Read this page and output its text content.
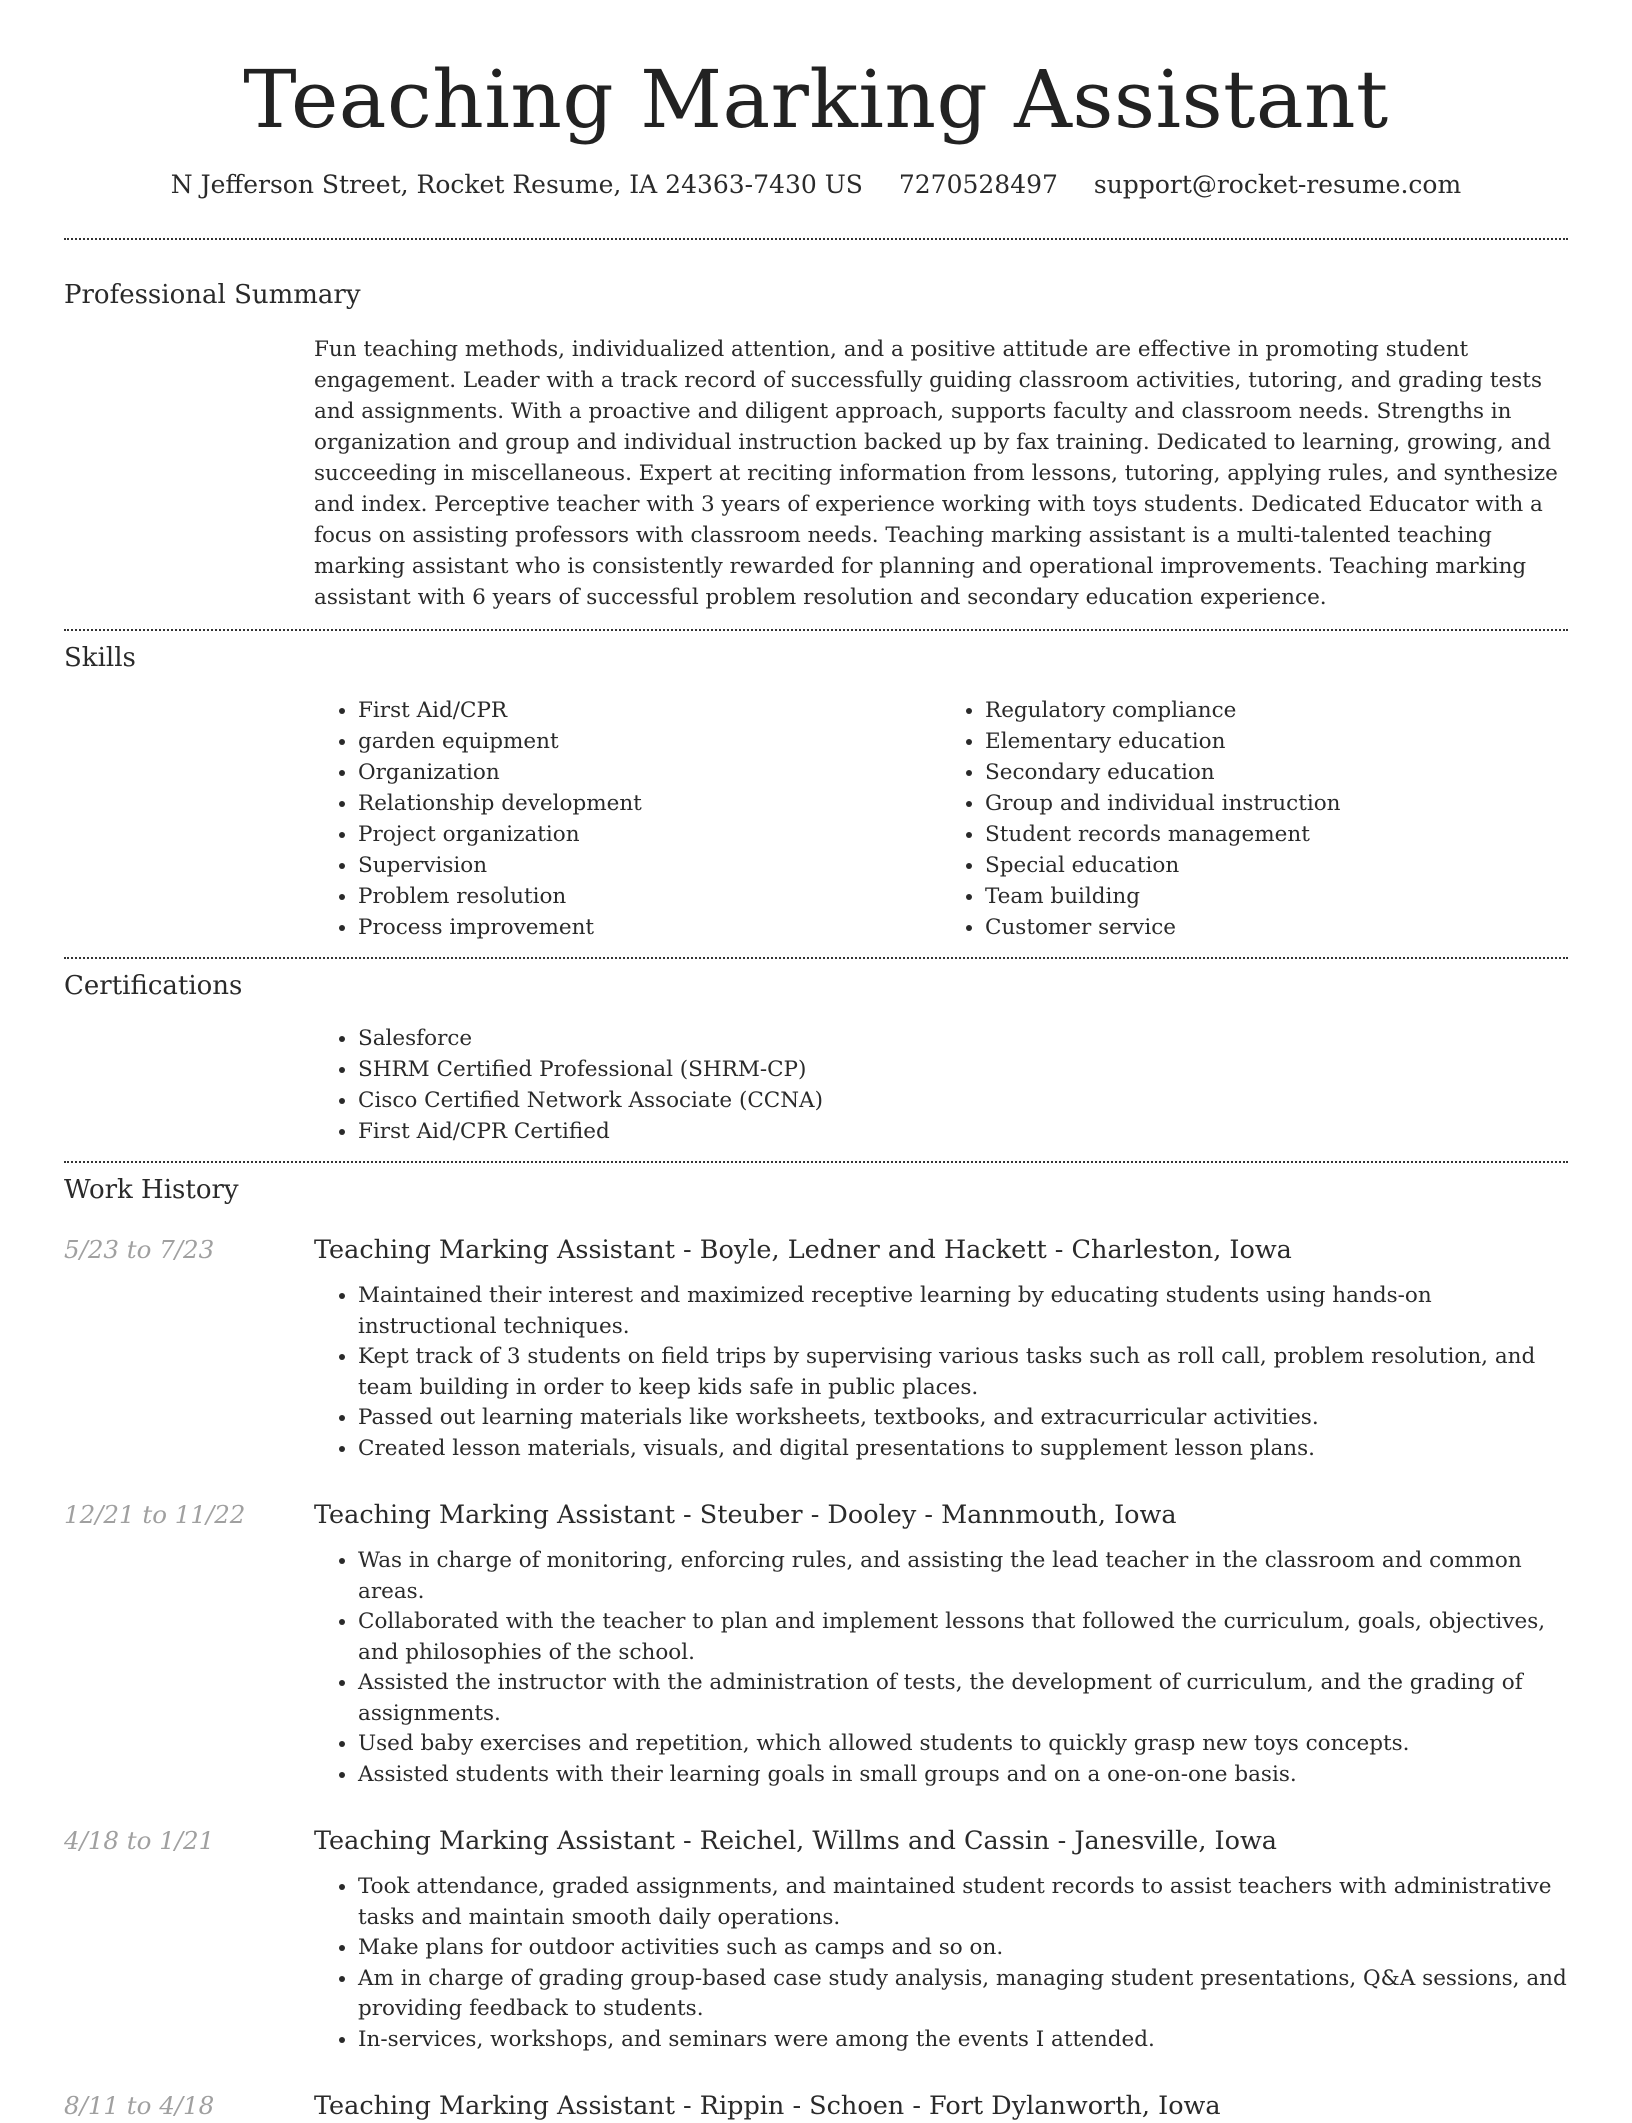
Teaching Marking Assistant
N Jefferson Street, Rocket Resume, IA 24363-7430 US 7270528497 support@rocket-resume.com
Professional Summary
Fun teaching methods, individualized attention, and a positive attitude are effective in promoting student engagement. Leader with a track record of successfully guiding classroom activities, tutoring, and grading tests and assignments. With a proactive and diligent approach, supports faculty and classroom needs. Strengths in organization and group and individual instruction backed up by fax training. Dedicated to learning, growing, and succeeding in miscellaneous. Expert at reciting information from lessons, tutoring, applying rules, and synthesize and index. Perceptive teacher with 3 years of experience working with toys students. Dedicated Educator with a focus on assisting professors with classroom needs. Teaching marking assistant is a multi-talented teaching marking assistant who is consistently rewarded for planning and operational improvements. Teaching marking assistant with 6 years of successful problem resolution and secondary education experience.
Skills
• First Aid/CPR
• garden equipment
• Organization
• Relationship development
• Project organization
• Supervision
• Problem resolution
• Process improvement
• Regulatory compliance
• Elementary education
• Secondary education
• Group and individual instruction
• Student records management
• Special education
• Team building
• Customer service
Certifications
• Salesforce
• SHRM Certified Professional (SHRM-CP)
• Cisco Certified Network Associate (CCNA)
• First Aid/CPR Certified
Work History
5/23 to 7/23	Teaching Marking Assistant - Boyle, Ledner and Hackett - Charleston, Iowa
• Maintained their interest and maximized receptive learning by educating students using hands-on instructional techniques.
• Kept track of 3 students on field trips by supervising various tasks such as roll call, problem resolution, and team building in order to keep kids safe in public places.
• Passed out learning materials like worksheets, textbooks, and extracurricular activities.
• Created lesson materials, visuals, and digital presentations to supplement lesson plans.
12/21 to 11/22	Teaching Marking Assistant - Steuber - Dooley - Mannmouth, Iowa
• Was in charge of monitoring, enforcing rules, and assisting the lead teacher in the classroom and common areas.
• Collaborated with the teacher to plan and implement lessons that followed the curriculum, goals, objectives, and philosophies of the school.
• Assisted the instructor with the administration of tests, the development of curriculum, and the grading of assignments.
• Used baby exercises and repetition, which allowed students to quickly grasp new toys concepts.
• Assisted students with their learning goals in small groups and on a one-on-one basis.
4/18 to 1/21	Teaching Marking Assistant - Reichel, Willms and Cassin - Janesville, Iowa
• Took attendance, graded assignments, and maintained student records to assist teachers with administrative tasks and maintain smooth daily operations.
• Make plans for outdoor activities such as camps and so on.
• Am in charge of grading group-based case study analysis, managing student presentations, Q&A sessions, and providing feedback to students.
• In-services, workshops, and seminars were among the events I attended.
8/11 to 4/18	Teaching Marking Assistant - Rippin - Schoen - Fort Dylanworth, Iowa
